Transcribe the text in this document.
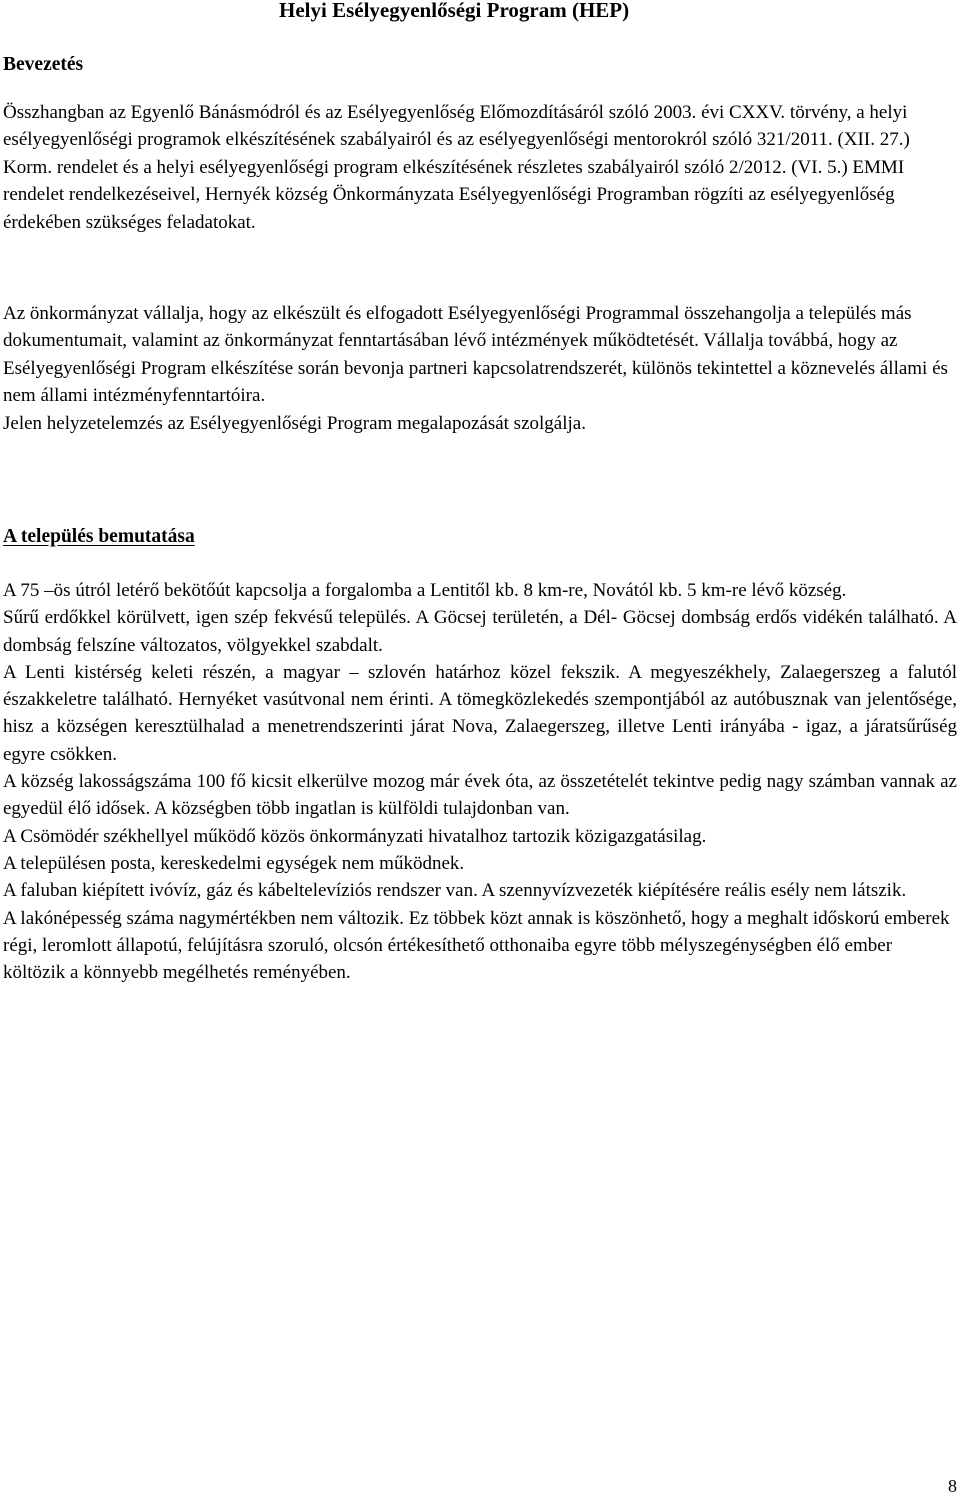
Helyi Esélyegyenlőségi Program (HEP)
Bevezetés

Összhangban az Egyenlő Bánásmódról és az Esélyegyenlőség Előmozdításáról szóló 2003. évi CXXV. törvény, a helyi esélyegyenlőségi programok elkészítésének szabályairól és az esélyegyenlőségi mentorokról szóló 321/2011. (XII. 27.) Korm. rendelet és a helyi esélyegyenlőségi program elkészítésének részletes szabályairól szóló 2/2012. (VI. 5.) EMMI rendelet rendelkezéseivel, Hernyék község Önkormányzata Esélyegyenlőségi Programban rögzíti az esélyegyenlőség érdekében szükséges feladatokat.

Az önkormányzat vállalja, hogy az elkészült és elfogadott Esélyegyenlőségi Programmal összehangolja a település más dokumentumait, valamint az önkormányzat fenntartásában lévő intézmények működtetését. Vállalja továbbá, hogy az Esélyegyenlőségi Program elkészítése során bevonja partneri kapcsolatrendszerét, különös tekintettel a köznevelés állami és nem állami intézményfenntartóira.

Jelen helyzetelemzés az Esélyegyenlőségi Program megalapozását szolgálja.

A település bemutatása

A 75 –ös útról letérő bekötőút kapcsolja a forgalomba a Lentitől kb. 8 km-re, Novától kb. 5 km-re lévő község.

Sűrű erdőkkel körülvett, igen szép fekvésű település. A Göcsej területén, a Dél- Göcsej dombság erdős vidékén található. A dombság felszíne változatos, völgyekkel szabdalt.

A Lenti kistérség keleti részén, a magyar – szlovén határhoz közel fekszik. A megyeszékhely, Zalaegerszeg a falutól északkeletre található. Hernyéket vasútvonal nem érinti. A tömegközlekedés szempontjából az autóbusznak van jelentősége, hisz a községen keresztülhalad a menetrendszerinti járat Nova, Zalaegerszeg, illetve Lenti irányába - igaz, a járatsűrűség egyre csökken.

A község lakosságszáma 100 fő kicsit elkerülve mozog már évek óta, az összetételét tekintve pedig nagy számban vannak az egyedül élő idősek. A községben több ingatlan is külföldi tulajdonban van.

A Csömödér székhellyel működő közös önkormányzati hivatalhoz tartozik közigazgatásilag.

A településen posta, kereskedelmi egységek nem működnek.

A faluban kiépített ivóvíz, gáz és kábeltelevíziós rendszer van. A szennyvízvezeték kiépítésére reális esély nem látszik.

A lakónépesség száma nagymértékben nem változik. Ez többek közt annak is köszönhető, hogy a meghalt időskorú emberek régi, leromlott állapotú, felújításra szoruló, olcsón értékesíthető otthonaiba egyre több mélyszegénységben élő ember költözik a könnyebb megélhetés reményében.

8
